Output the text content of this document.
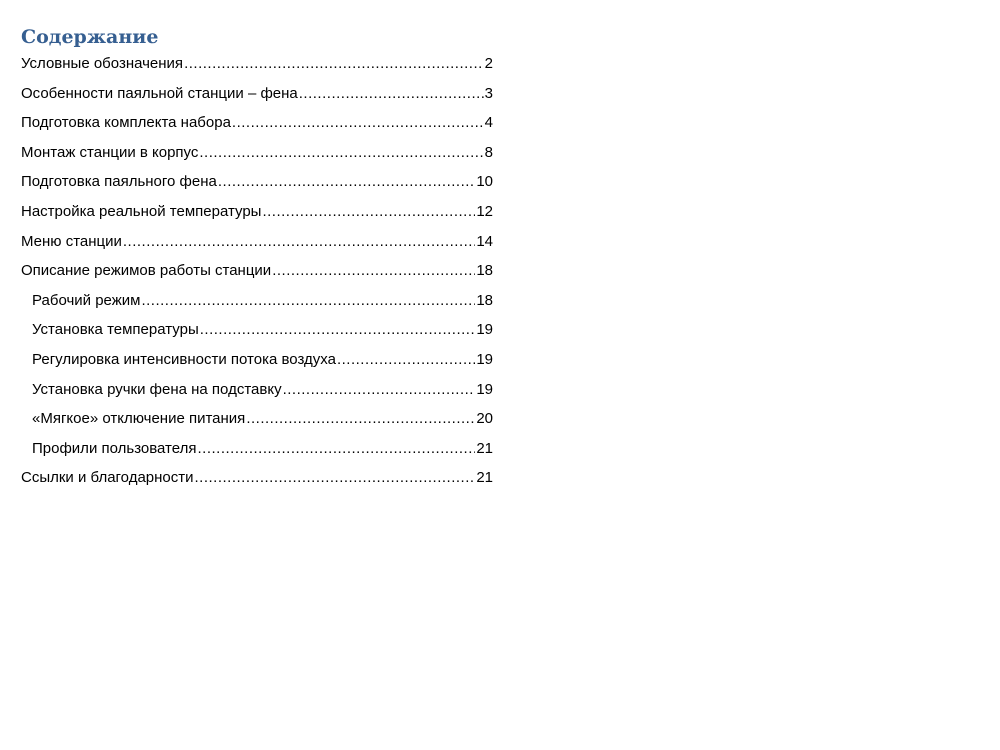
Содержание
Условные обозначения .....	2
Особенности паяльной станции – фена .....	3
Подготовка комплекта набора .....	4
Монтаж станции в корпус .....	8
Подготовка паяльного фена .....	10
Настройка реальной температуры .....	12
Меню станции .....	14
Описание режимов работы станции .....	18
Рабочий режим .....	18
Установка температуры .....	19
Регулировка интенсивности потока воздуха .....	19
Установка ручки фена на подставку .....	19
«Мягкое» отключение питания .....	20
Профили пользователя .....	21
Ссылки и благодарности .....	21
